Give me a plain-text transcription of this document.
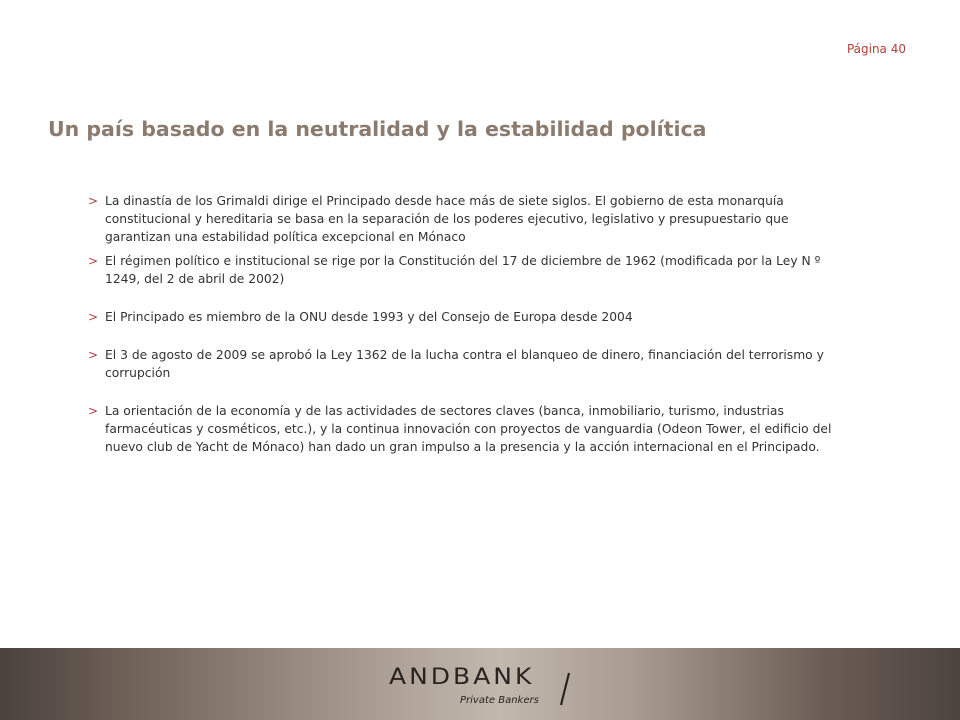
Página 40
Un país basado en la neutralidad y la estabilidad política
> La dinastía de los Grimaldi dirige el Principado desde hace más de siete siglos. El gobierno de esta monarquía constitucional y hereditaria se basa en la separación de los poderes ejecutivo, legislativo y presupuestario que garantizan una estabilidad política excepcional en Mónaco
> El régimen político e institucional se rige por la Constitución del 17 de diciembre de 1962 (modificada por la Ley N º 1249, del 2 de abril de 2002)
> El Principado es miembro de la ONU desde 1993 y del Consejo de Europa desde 2004
> El 3 de agosto de 2009 se aprobó la Ley 1362 de la lucha contra el blanqueo de dinero, financiación del terrorismo y corrupción
> La orientación de la economía y de las actividades de sectores claves (banca, inmobiliario, turismo, industrias farmacéuticas y cosméticos, etc.), y la continua innovación con proyectos de vanguardia (Odeon Tower, el edificio del nuevo club de Yacht de Mónaco) han dado un gran impulso a la presencia y la acción internacional en el Principado.
ANDBANK
Private Bankers
